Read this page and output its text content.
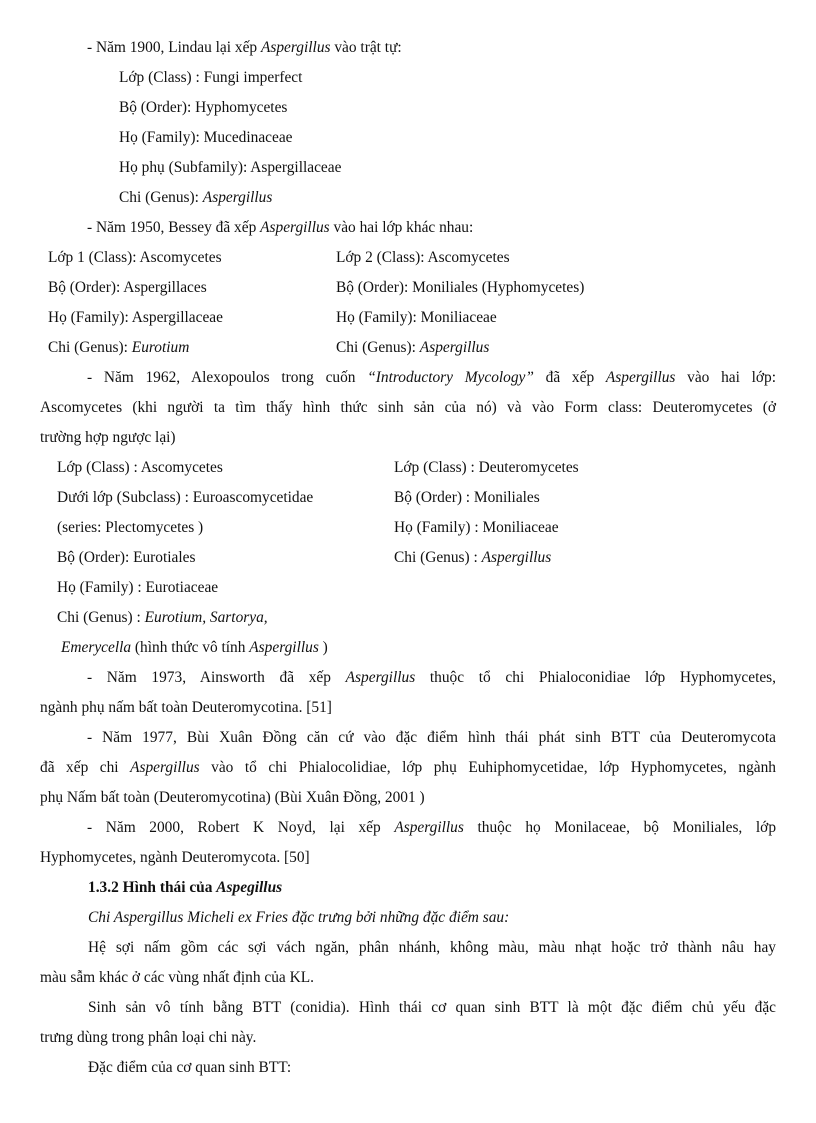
- Năm 1900, Lindau lại xếp Aspergillus vào trật tự:
Lớp (Class) : Fungi imperfect
Bộ (Order): Hyphomycetes
Họ (Family): Mucedinaceae
Họ phụ (Subfamily): Aspergillaceae
Chi (Genus): Aspergillus
- Năm 1950, Bessey đã xếp Aspergillus vào hai lớp khác nhau:
Lớp 1 (Class): Ascomycetes	Lớp 2 (Class): Ascomycetes
Bộ (Order): Aspergillaces	Bộ (Order): Moniliales (Hyphomycetes)
Họ (Family): Aspergillaceae	Họ (Family): Moniliaceae
Chi (Genus): Eurotium	Chi (Genus): Aspergillus
- Năm 1962, Alexopoulos trong cuốn “Introductory Mycology” đã xếp Aspergillus vào hai lớp:
Ascomycetes (khi người ta tìm thấy hình thức sinh sản của nó) và vào Form class: Deuteromycetes (ở
trường hợp ngược lại)
Lớp (Class) : Ascomycetes	Lớp (Class) : Deuteromycetes
Dưới lớp (Subclass) : Euroascomycetidae	Bộ (Order) : Moniliales
(series: Plectomycetes )	Họ (Family) : Moniliaceae
Bộ (Order): Eurotiales	Chi (Genus) : Aspergillus
Họ (Family) : Eurotiaceae
Chi (Genus) : Eurotium, Sartorya,
Emerycella (hình thức vô tính Aspergillus )
- Năm 1973, Ainsworth đã xếp Aspergillus thuộc tổ chi Phialoconidiae lớp Hyphomycetes,
ngành phụ nấm bất toàn Deuteromycotina. [51]
- Năm 1977, Bùi Xuân Đồng căn cứ vào đặc điểm hình thái phát sinh BTT của Deuteromycota
đã xếp chi Aspergillus vào tổ chi Phialocolidiae, lớp phụ Euhiphomycetidae, lớp Hyphomycetes, ngành
phụ Nấm bất toàn (Deuteromycotina) (Bùi Xuân Đồng, 2001 )
- Năm 2000, Robert K Noyd, lại xếp Aspergillus thuộc họ Monilaceae, bộ Moniliales, lớp
Hyphomycetes, ngành Deuteromycota. [50]
1.3.2 Hình thái của Aspegillus
Chi Aspergillus Micheli ex Fries đặc trưng bởi những đặc điểm sau:
Hệ sợi nấm gồm các sợi vách ngăn, phân nhánh, không màu, màu nhạt hoặc trở thành nâu hay
màu sẫm khác ở các vùng nhất định của KL.
Sinh sản vô tính bằng BTT (conidia). Hình thái cơ quan sinh BTT là một đặc điểm chủ yếu đặc
trưng dùng trong phân loại chi này.
Đặc điểm của cơ quan sinh BTT:
